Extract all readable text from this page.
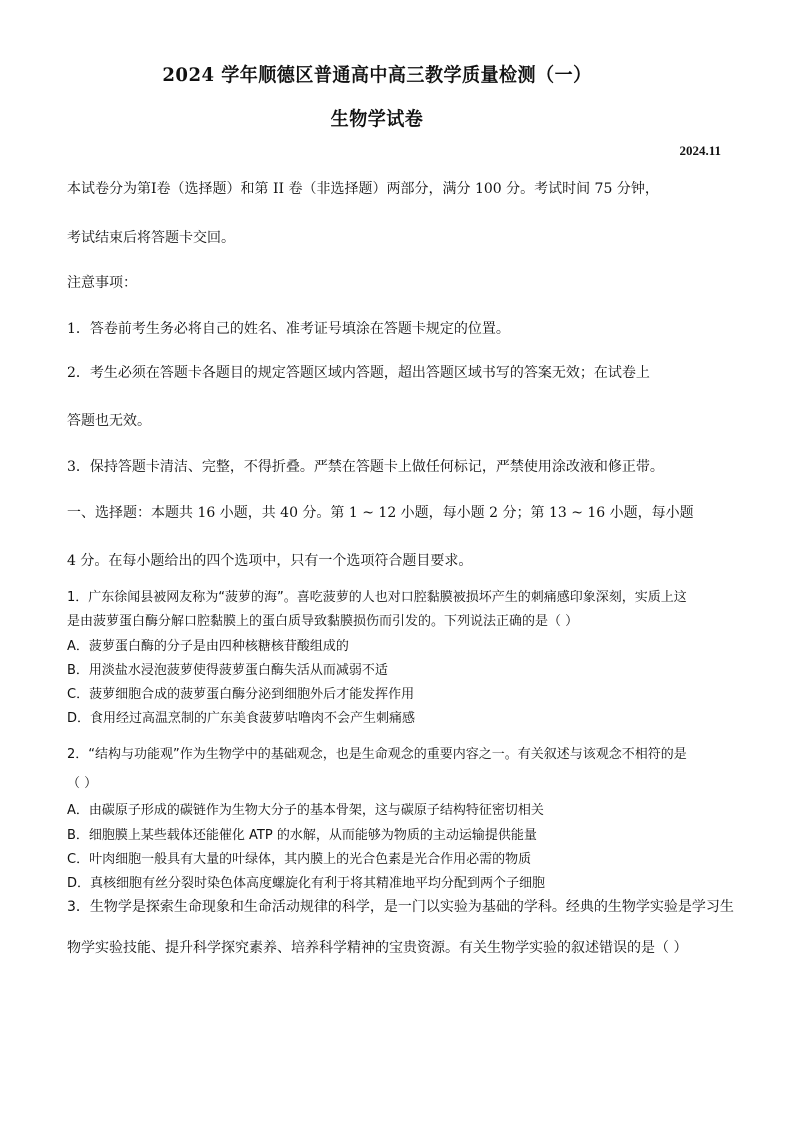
2024 学年顺德区普通高中高三教学质量检测（一）
生物学试卷
2024.11
本试卷分为第Ⅰ卷（选择题）和第 II 卷（非选择题）两部分，满分 100 分。考试时间 75 分钟，
考试结束后将答题卡交回。
注意事项：
1．答卷前考生务必将自己的姓名、准考证号填涂在答题卡规定的位置。
2．考生必须在答题卡各题目的规定答题区域内答题，超出答题区域书写的答案无效；在试卷上
答题也无效。
3．保持答题卡清洁、完整，不得折叠。严禁在答题卡上做任何标记，严禁使用涂改液和修正带。
一、选择题：本题共 16 小题，共 40 分。第 1 ~ 12 小题，每小题 2 分；第 13 ~ 16 小题，每小题
4 分。在每小题给出的四个选项中，只有一个选项符合题目要求。
1．广东徐闻县被网友称为“菠萝的海”。喜吃菠萝的人也对口腔黏膜被损坏产生的刺痛感印象深刻，实质上这
是由菠萝蛋白酶分解口腔黏膜上的蛋白质导致黏膜损伤而引发的。下列说法正确的是（ ）
A．菠萝蛋白酶的分子是由四种核糖核苷酸组成的
B．用淡盐水浸泡菠萝使得菠萝蛋白酶失活从而减弱不适
C．菠萝细胞合成的菠萝蛋白酶分泌到细胞外后才能发挥作用
D．食用经过高温烹制的广东美食菠萝咕噜肉不会产生刺痛感
2．“结构与功能观”作为生物学中的基础观念，也是生命观念的重要内容之一。有关叙述与该观念不相符的是
（ ）
A．由碳原子形成的碳链作为生物大分子的基本骨架，这与碳原子结构特征密切相关
B．细胞膜上某些载体还能催化 ATP 的水解，从而能够为物质的主动运输提供能量
C．叶肉细胞一般具有大量的叶绿体，其内膜上的光合色素是光合作用必需的物质
D．真核细胞有丝分裂时染色体高度螺旋化有利于将其精准地平均分配到两个子细胞
3．生物学是探索生命现象和生命活动规律的科学，是一门以实验为基础的学科。经典的生物学实验是学习生
物学实验技能、提升科学探究素养、培养科学精神的宝贵资源。有关生物学实验的叙述错误的是（ ）
